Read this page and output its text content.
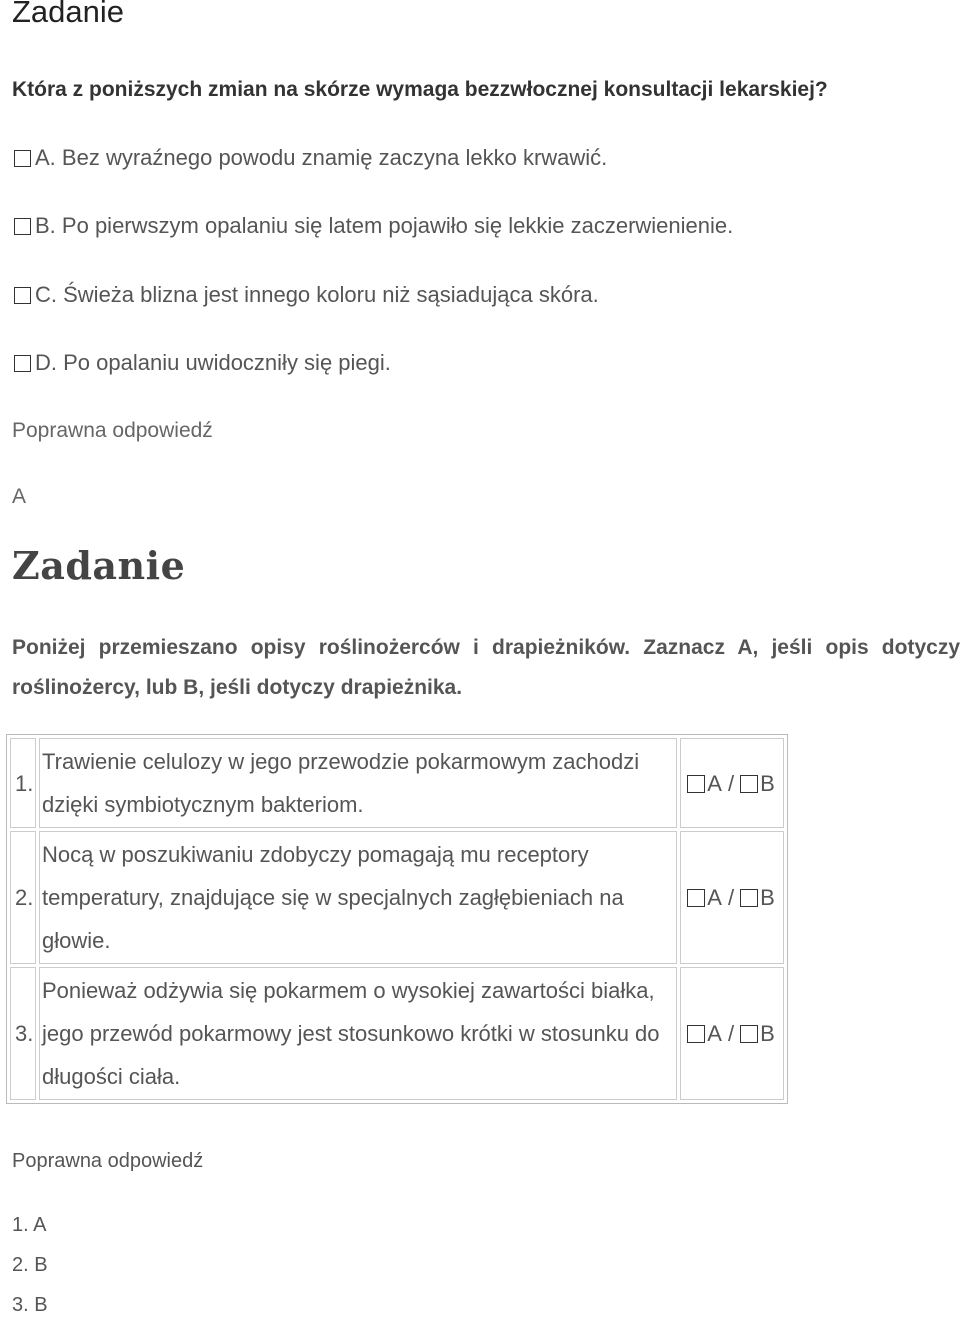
Zadanie
Która z poniższych zmian na skórze wymaga bezzwłocznej konsultacji lekarskiej?
A.
Bez wyraźnego powodu znamię zaczyna lekko krwawić.
B.
Po pierwszym opalaniu się latem pojawiło się lekkie zaczerwienienie.
C.
Świeża blizna jest innego koloru niż sąsiadująca skóra.
D.
Po opalaniu uwidoczniły się piegi.
Poprawna odpowiedź
A
Zadanie
Poniżej przemieszano opisy roślinożerców i drapieżników. Zaznacz A, jeśli opis dotyczy roślinożercy, lub B, jeśli dotyczy drapieżnika.
1.	Trawienie celulozy w jego przewodzie pokarmowym zachodzi dzięki symbiotycznym bakteriom.	A / B
2.	Nocą w poszukiwaniu zdobyczy pomagają mu receptory temperatury, znajdujące się w specjalnych zagłębieniach na głowie.	A / B
3.	Ponieważ odżywia się pokarmem o wysokiej zawartości białka, jego przewód pokarmowy jest stosunkowo krótki w stosunku do długości ciała.	A / B
Poprawna odpowiedź
1. A
2. B
3. B
